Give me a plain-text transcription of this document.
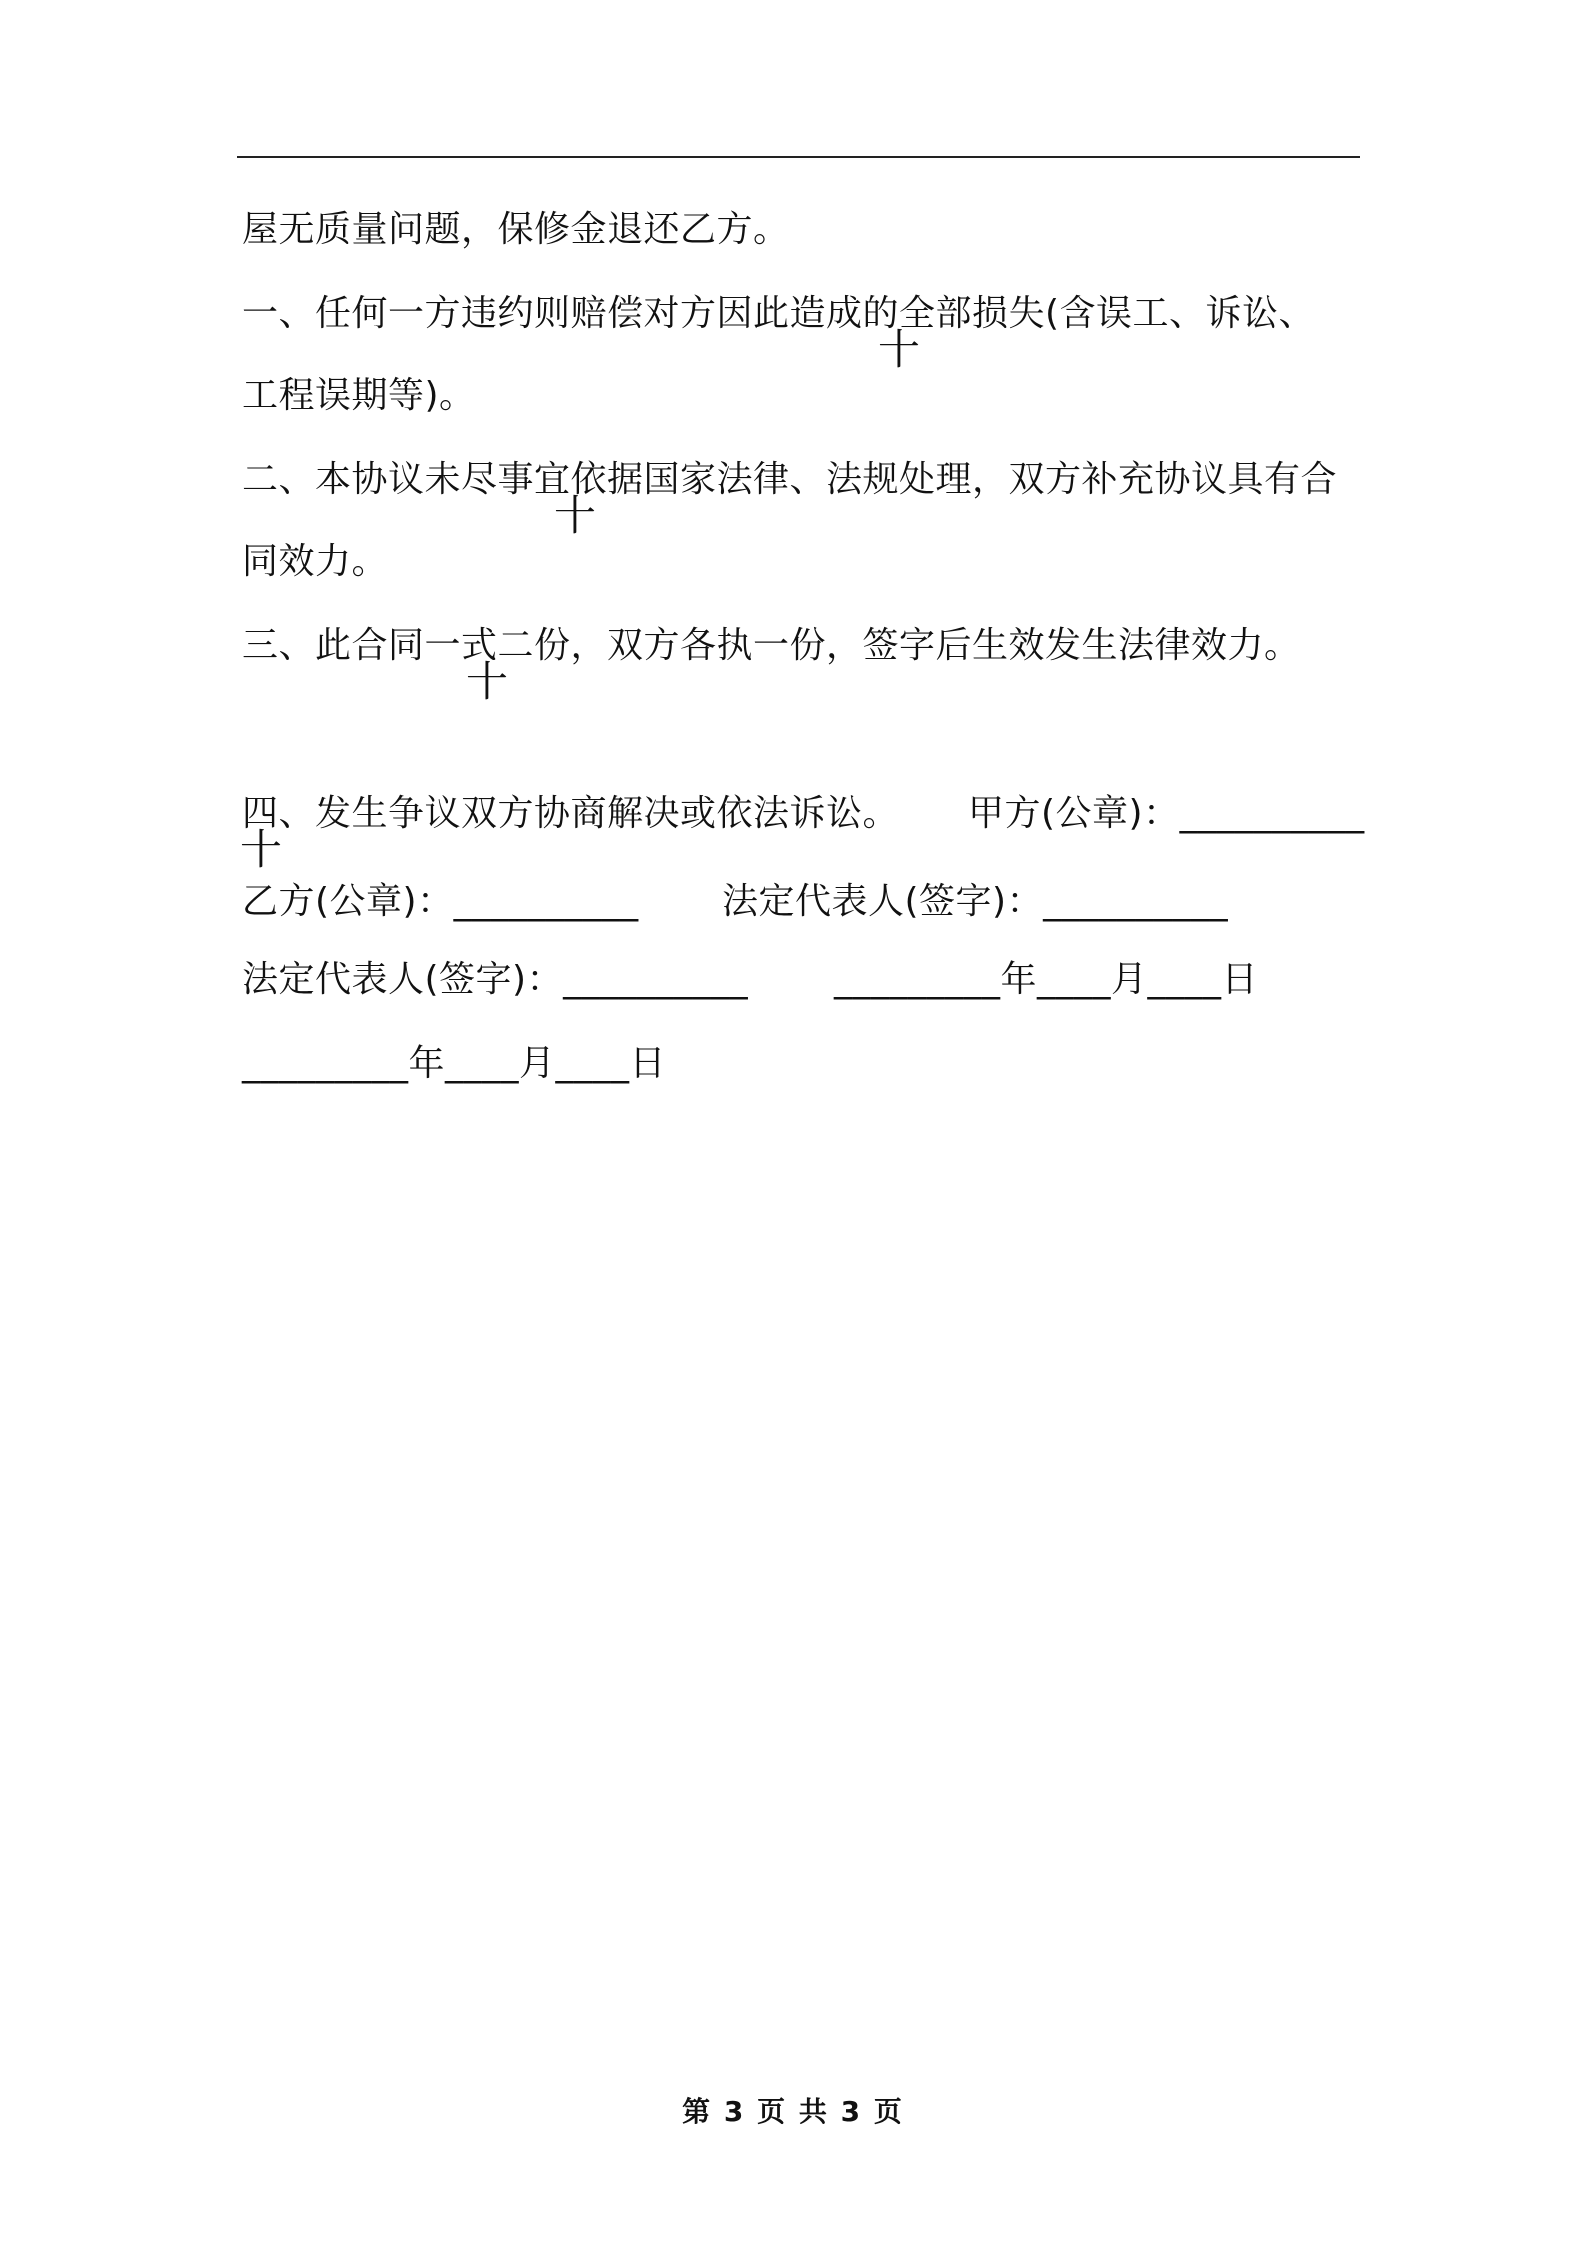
屋无质量问题，保修金退还乙方。

十

一、任何一方违约则赔偿对方因此造成的全部损失(含误工、诉讼、

工程误期等)。

十

二、本协议未尽事宜依据国家法律、法规处理，双方补充协议具有合

同效力。

十

三、此合同一式二份，双方各执一份，签字后生效发生法律效力。

十

四、发生争议双方协商解决或依法诉讼。

甲方(公章)：__________

乙方(公章)：__________

法定代表人(签字)：__________

法定代表人(签字)：__________

_________年____月____日

_________年____月____日

第 3 页 共 3 页
